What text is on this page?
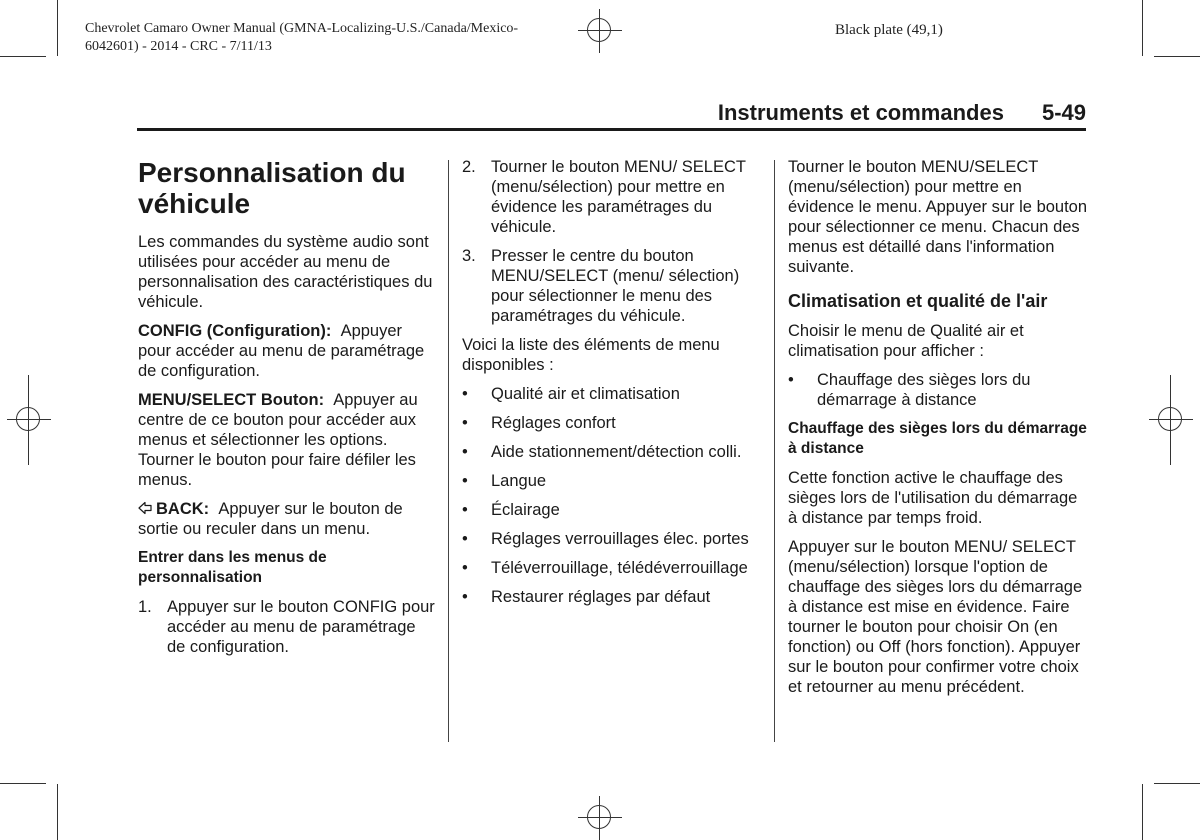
Chevrolet Camaro Owner Manual (GMNA-Localizing-U.S./Canada/Mexico-
6042601) - 2014 - CRC - 7/11/13
Black plate (49,1)
Instruments et commandes 5-49
Personnalisation du véhicule

Les commandes du système audio sont utilisées pour accéder au menu de personnalisation des caractéristiques du véhicule.

CONFIG (Configuration): Appuyer pour accéder au menu de paramétrage de configuration.

MENU/SELECT Bouton: Appuyer au centre de ce bouton pour accéder aux menus et sélectionner les options. Tourner le bouton pour faire défiler les menus.

BACK: Appuyer sur le bouton de sortie ou reculer dans un menu.

Entrer dans les menus de personnalisation
1. Appuyer sur le bouton CONFIG pour accéder au menu de paramétrage de configuration.
2. Tourner le bouton MENU/ SELECT (menu/sélection) pour mettre en évidence les paramétrages du véhicule.
3. Presser le centre du bouton MENU/SELECT (menu/ sélection) pour sélectionner le menu des paramétrages du véhicule.

Voici la liste des éléments de menu disponibles :

•	Qualité air et climatisation
•	Réglages confort
•	Aide stationnement/détection colli.
•	Langue
•	Éclairage
•	Réglages verrouillages élec. portes
•	Téléverrouillage, télédéverrouillage
•	Restaurer réglages par défaut

Tourner le bouton MENU/SELECT (menu/sélection) pour mettre en évidence le menu. Appuyer sur le bouton pour sélectionner ce menu. Chacun des menus est détaillé dans l'information suivante.

Climatisation et qualité de l'air

Choisir le menu de Qualité air et climatisation pour afficher :

•	Chauffage des sièges lors du démarrage à distance
Chauffage des sièges lors du démarrage à distance

Cette fonction active le chauffage des sièges lors de l'utilisation du démarrage à distance par temps froid.

Appuyer sur le bouton MENU/ SELECT (menu/sélection) lorsque l'option de chauffage des sièges lors du démarrage à distance est mise en évidence. Faire tourner le bouton pour choisir On (en fonction) ou Off (hors fonction). Appuyer sur le bouton pour confirmer votre choix et retourner au menu précédent.
